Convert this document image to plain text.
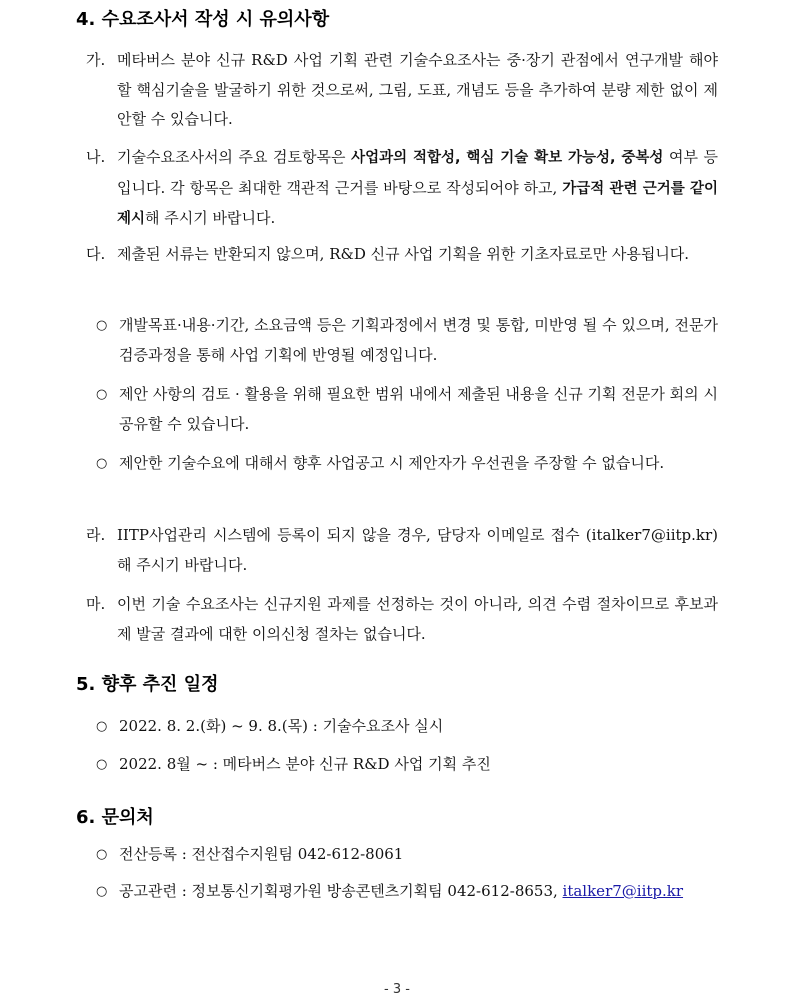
4. 수요조사서 작성 시 유의사항
가. 메타버스 분야 신규 R&D 사업 기획 관련 기술수요조사는 중·장기 관점에서 연구개발 해야 할 핵심기술을 발굴하기 위한 것으로써, 그림, 도표, 개념도 등을 추가하여 분량 제한 없이 제안할 수 있습니다.
나. 기술수요조사서의 주요 검토항목은 사업과의 적합성, 핵심 기술 확보 가능성, 중복성 여부 등입니다. 각 항목은 최대한 객관적 근거를 바탕으로 작성되어야 하고, 가급적 관련 근거를 같이 제시해 주시기 바랍니다.
다. 제출된 서류는 반환되지 않으며, R&D 신규 사업 기획을 위한 기초자료로만 사용됩니다.
○ 개발목표·내용·기간, 소요금액 등은 기획과정에서 변경 및 통합, 미반영 될 수 있으며, 전문가 검증과정을 통해 사업 기획에 반영될 예정입니다.
○ 제안 사항의 검토 · 활용을 위해 필요한 범위 내에서 제출된 내용을 신규 기획 전문가 회의 시 공유할 수 있습니다.
○ 제안한 기술수요에 대해서 향후 사업공고 시 제안자가 우선권을 주장할 수 없습니다.
라. IITP사업관리 시스템에 등록이 되지 않을 경우, 담당자 이메일로 접수 (italker7@iitp.kr)해 주시기 바랍니다.
마. 이번 기술 수요조사는 신규지원 과제를 선정하는 것이 아니라, 의견 수렴 절차이므로 후보과제 발굴 결과에 대한 이의신청 절차는 없습니다.
5. 향후 추진 일정
○ 2022. 8. 2.(화) ~ 9. 8.(목) : 기술수요조사 실시
○ 2022. 8월 ~ : 메타버스 분야 신규 R&D 사업 기획 추진
6. 문의처
○ 전산등록 : 전산접수지원팀 042-612-8061
○ 공고관련 : 정보통신기획평가원 방송콘텐츠기획팀 042-612-8653, italker7@iitp.kr
- 3 -
